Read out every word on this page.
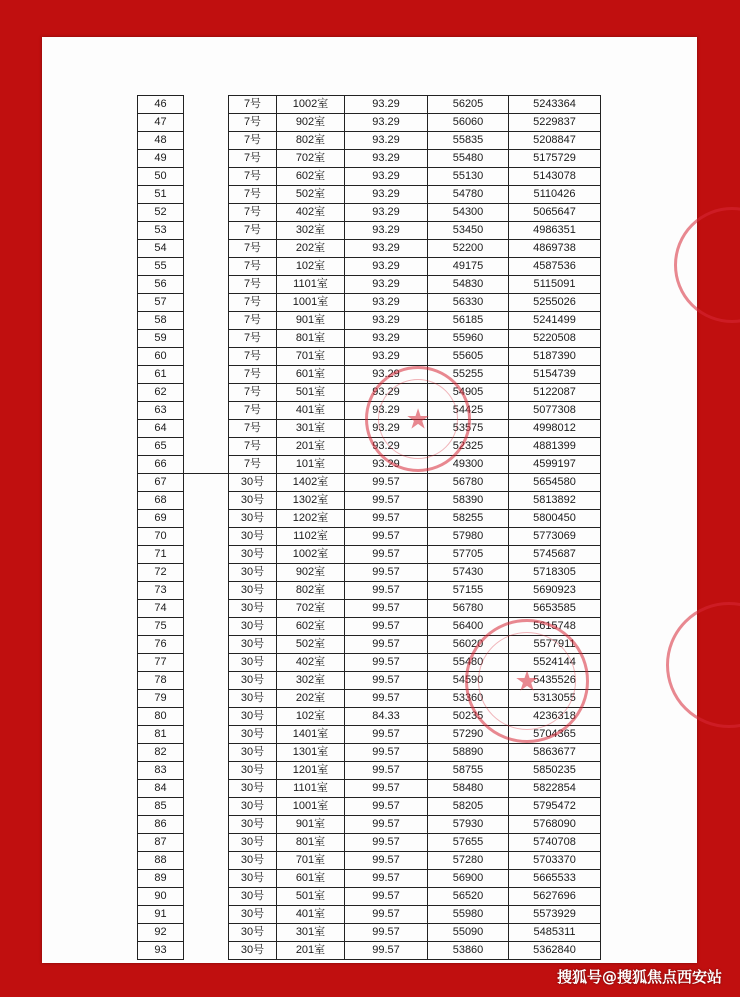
46		7号	1002室	93.29	56205	5243364
47		7号	902室	93.29	56060	5229837
48		7号	802室	93.29	55835	5208847
49		7号	702室	93.29	55480	5175729
50		7号	602室	93.29	55130	5143078
51		7号	502室	93.29	54780	5110426
52		7号	402室	93.29	54300	5065647
53		7号	302室	93.29	53450	4986351
54		7号	202室	93.29	52200	4869738
55		7号	102室	93.29	49175	4587536
56		7号	1101室	93.29	54830	5115091
57		7号	1001室	93.29	56330	5255026
58		7号	901室	93.29	56185	5241499
59		7号	801室	93.29	55960	5220508
60		7号	701室	93.29	55605	5187390
61		7号	601室	93.29	55255	5154739
62		7号	501室	93.29	54905	5122087
63		7号	401室	93.29	54425	5077308
64		7号	301室	93.29	53575	4998012
65		7号	201室	93.29	52325	4881399
66		7号	101室	93.29	49300	4599197
67		30号	1402室	99.57	56780	5654580
68		30号	1302室	99.57	58390	5813892
69		30号	1202室	99.57	58255	5800450
70		30号	1102室	99.57	57980	5773069
71		30号	1002室	99.57	57705	5745687
72		30号	902室	99.57	57430	5718305
73		30号	802室	99.57	57155	5690923
74		30号	702室	99.57	56780	5653585
75		30号	602室	99.57	56400	5615748
76		30号	502室	99.57	56020	5577911
77		30号	402室	99.57	55480	5524144
78		30号	302室	99.57	54590	5435526
79		30号	202室	99.57	53360	5313055
80		30号	102室	84.33	50235	4236318
81		30号	1401室	99.57	57290	5704365
82		30号	1301室	99.57	58890	5863677
83		30号	1201室	99.57	58755	5850235
84		30号	1101室	99.57	58480	5822854
85		30号	1001室	99.57	58205	5795472
86		30号	901室	99.57	57930	5768090
87		30号	801室	99.57	57655	5740708
88		30号	701室	99.57	57280	5703370
89		30号	601室	99.57	56900	5665533
90		30号	501室	99.57	56520	5627696
91		30号	401室	99.57	55980	5573929
92		30号	301室	99.57	55090	5485311
93		30号	201室	99.57	53860	5362840
★
★
搜狐号@搜狐焦点西安站
